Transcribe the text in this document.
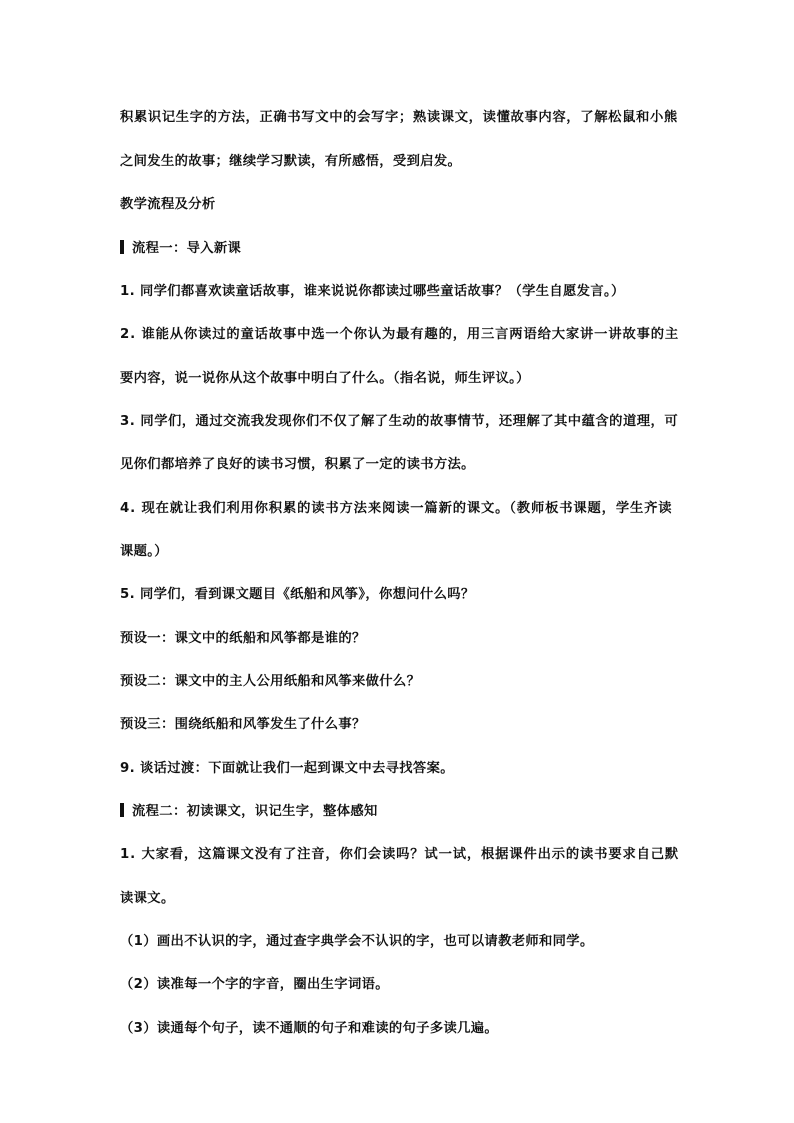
积累识记生字的方法，正确书写文中的会写字；熟读课文，读懂故事内容，了解松鼠和小熊
之间发生的故事；继续学习默读，有所感悟，受到启发。
教学流程及分析
流程一：导入新课
1. 同学们都喜欢读童话故事，谁来说说你都读过哪些童话故事？（学生自愿发言。）
2. 谁能从你读过的童话故事中选一个你认为最有趣的，用三言两语给大家讲一讲故事的主
要内容，说一说你从这个故事中明白了什么。（指名说，师生评议。）
3. 同学们，通过交流我发现你们不仅了解了生动的故事情节，还理解了其中蕴含的道理，可
见你们都培养了良好的读书习惯，积累了一定的读书方法。
4. 现在就让我们利用你积累的读书方法来阅读一篇新的课文。（教师板书课题，学生齐读
课题。）
5. 同学们，看到课文题目《纸船和风筝》，你想问什么吗？
预设一：课文中的纸船和风筝都是谁的？
预设二：课文中的主人公用纸船和风筝来做什么？
预设三：围绕纸船和风筝发生了什么事？
9. 谈话过渡：下面就让我们一起到课文中去寻找答案。
流程二：初读课文，识记生字，整体感知
1. 大家看，这篇课文没有了注音，你们会读吗？试一试，根据课件出示的读书要求自己默
读课文。
（1）画出不认识的字，通过查字典学会不认识的字，也可以请教老师和同学。
（2）读准每一个字的字音，圈出生字词语。
（3）读通每个句子，读不通顺的句子和难读的句子多读几遍。
